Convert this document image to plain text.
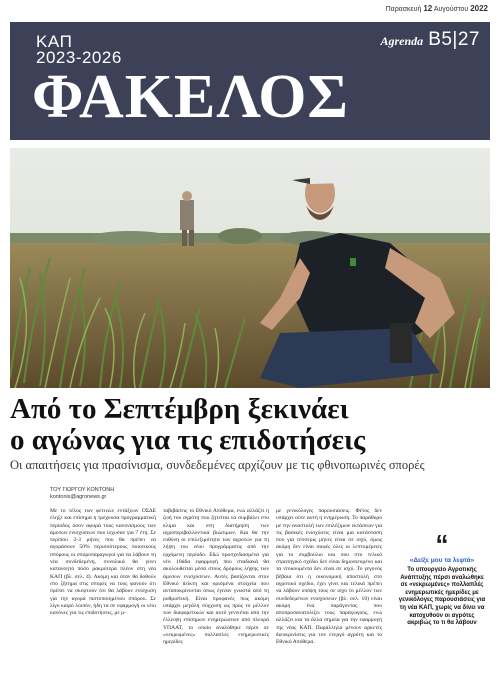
Παρασκευή 12 Αυγούστου 2022
ΚΑΠ
2023-2026
ΦΑΚΕΛΟΣ
Agrenda B5|27
Από το Σεπτέμβρη ξεκινάει
ο αγώνας για τις επιδοτήσεις
Οι απαιτήσεις για πρασίνισμα, συνδεδεμένες αρχίζουν με τις φθινοπωρινές σπορές
ΤΟΥ ΓΙΩΡΓΟΥ ΚΟΝΤΟΝΗ
kontonis@agronews.gr

Με το τέλος των φετινών εντάξεων ΟΣΔΕ έληξε και επίσημα η τρέχουσα προγραμματική περίοδος όσον αφορά τους κανονισμούς των άμεσων ενισχύσεων που ίσχυσαν για 7 έτη. Σε περίπου 2-3 μήνες που θα πρέπει να αγοράσουν 50% περισσότερους ποιοτικούς σπόρους οι σποροπαραγωγοί για να λάβουν τη νέα συνδεδεμένη, συνολικά θα γίνει κατανοητό πόσο μακρύτερα πλέον στη νέα ΚΑΠ (βλ. σελ. 4). Ακόμη και όταν θα δοθούν στο ζήτημα στις σπορές να τους φανούν ότι πρέπει να σκεφτούν ότι θα λάβουν ενίσχυση για την αγορά πιστοποιημένου σπόρου. Σε λίγο καιρό λοιπόν, ήδη τα σε εφαρμογή οι νέοι κανόνες για τις επιδοτήσεις, με μ-

ταβιβάσεις το Εθνικό Απόθεμα, ενώ αλλάζει η ζωή του αγρότη που ζητείται να συμβάλει στο κλίμα και στη διατήρηση των αγροπεριβαλλοντικά βιώσιμων. Και θα την ευθύνη οι επιλεξιμότητα των αγροτών για τη λήψη του νέου προγράμματος από την ερχόμενη περίοδο. Εδώ προσχεδιασμένα για νέο 10άδα εφαρμογή που σταδιακά θα ακολουθείται μέσα στους δρόμους λήψης των άμεσων ενισχύσεων. Αυτές βασίζονται στον Εθνικό δείκτη και ορισμένα στοιχεία που ανταποκρίνονται όπως έγιναν γνωστά από τη ρυθμιστική. Είναι προφανές πως ακόμη υπάρχει μεγάλη σύγχυση ως προς το μέλλον των διαφορετικών και αυτό γεννιέται από την έλλειψη επίσημων ενημερώσεων από πλευρά ΥΠΑΑΤ, το οποίο αναλόθηκε πέρσι σε «νεκρωμένες» πολλαπλές ενημερωτικές ημερίδες

με γενικόλογες παρουσιάσεις. Φέτος δεν υπάρχει ούτε αυτή η ενημέρωση. Το παράθυρο με την αναστολή των επιλέξιμων εκτάσεων για τις βασικές ενισχύσεις είναι μια κατάσταση που για τέσσερις μήνες είναι σε ισχύ, όμως ακόμη δεν είναι σαφές όλες οι λεπτομέρειες για το συμβούλιο και που στο τελικό στρατηγικό σχέδιο δεν είναι δημοσιευμένο και τα ντοκουμέντα δεν είναι σε ισχύ. Το γεγονός βέβαια ότι η οικονομική αποστολή στο αγροτικό σχέδιο, έχει γίνει και τελικά πρέπει να λάβουν υπόψη τους σε ισχύ το μέλλον των συνδεδεμένων ενισχύσεων (βλ. σελ. 10) είναι ακόμη ένα παράγοντας που αποπροσανατολίζει τους παραγωγούς, ενώ αλλάζει και τα άλλα σημεία για την εφαρμογή της νέας ΚΑΠ. Παράλληλα μένουν αρκετές διευκρινίσεις για τον ενεργό αγρότη και το Εθνικό Απόθεμα.

“
«Δείξε μου τα λεφτά»
Το υπουργείο Αγροτικής Ανάπτυξης πέρσι αναλώθηκε σε «νεκρωμένες» πολλαπλές ενημερωτικές ημερίδες με γενικόλογες παρουσιάσεις για τη νέα ΚΑΠ, χωρίς να δίνει να κατοχυθούν οι αγρότες ακριβώς το τι θα λάβουν
